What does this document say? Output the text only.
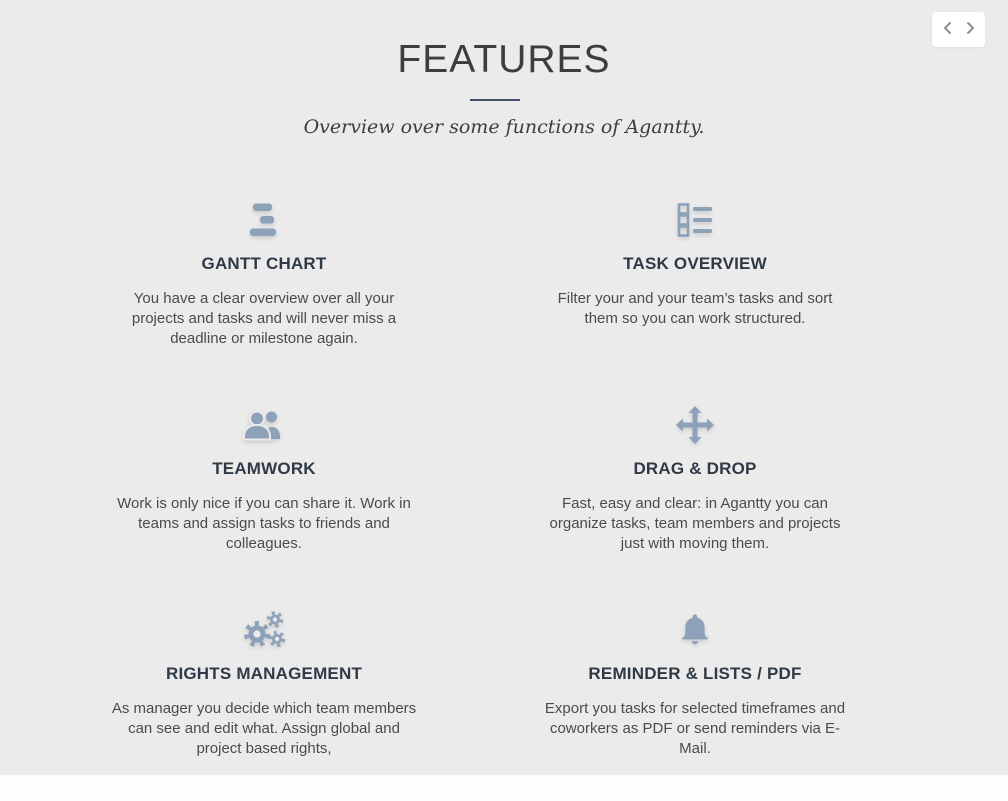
FEATURES
Overview over some functions of Agantty.
GANTT CHART

You have a clear overview over all your projects and tasks and will never miss a deadline or milestone again.

TASK OVERVIEW

Filter your and your team’s tasks and sort them so you can work structured.

TEAMWORK

Work is only nice if you can share it. Work in teams and assign tasks to friends and colleagues.

DRAG & DROP

Fast, easy and clear: in Agantty you can organize tasks, team members and projects just with moving them.

RIGHTS MANAGEMENT

As manager you decide which team members can see and edit what. Assign global and project based rights,

REMINDER & LISTS / PDF

Export you tasks for selected timeframes and coworkers as PDF or send reminders via E-Mail.
